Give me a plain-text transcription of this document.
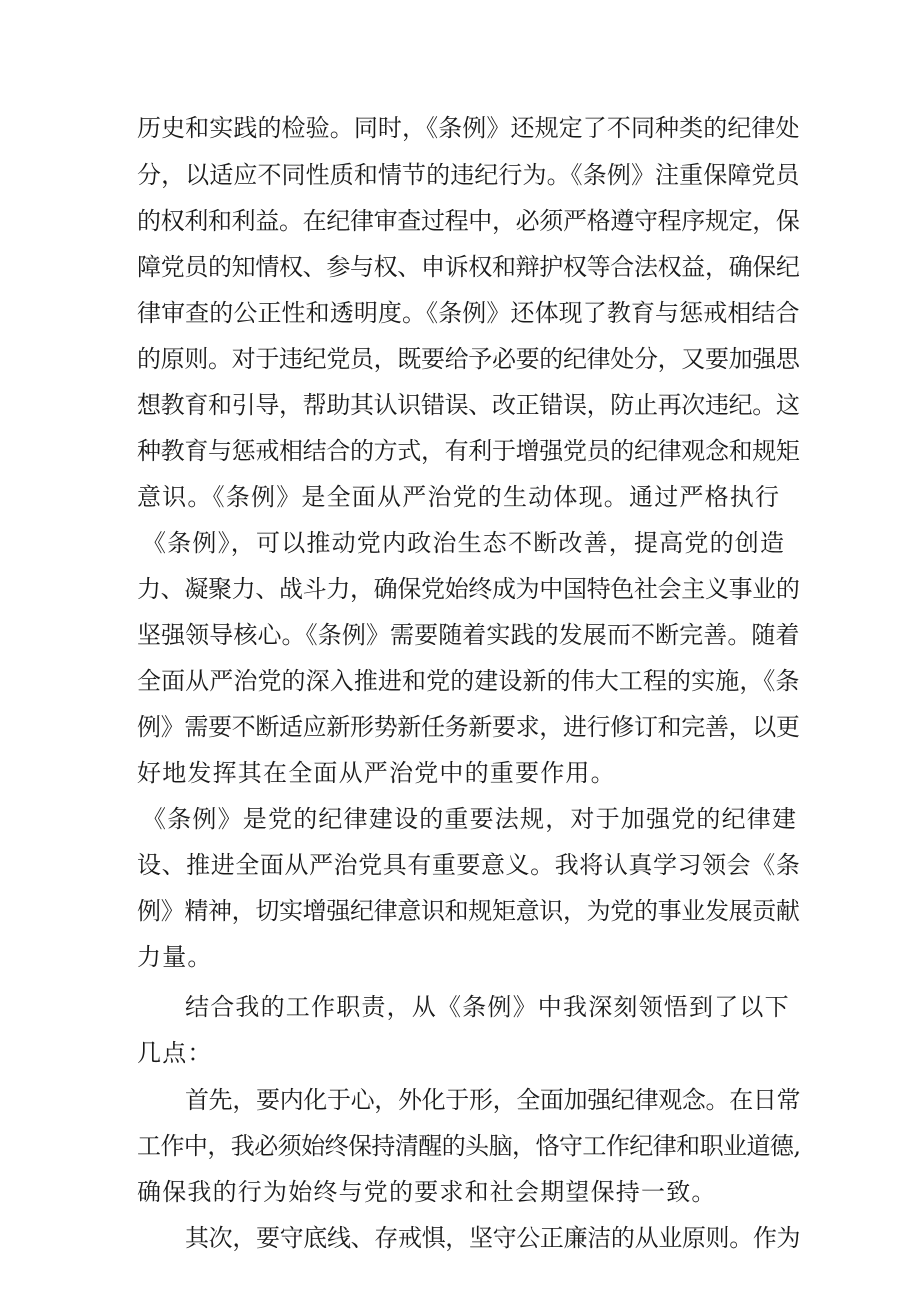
历史和实践的检验。同时，《条例》还规定了不同种类的纪律处
分，以适应不同性质和情节的违纪行为。《条例》注重保障党员
的权利和利益。在纪律审查过程中，必须严格遵守程序规定，保
障党员的知情权、参与权、申诉权和辩护权等合法权益，确保纪
律审查的公正性和透明度。《条例》还体现了教育与惩戒相结合
的原则。对于违纪党员，既要给予必要的纪律处分，又要加强思
想教育和引导，帮助其认识错误、改正错误，防止再次违纪。这
种教育与惩戒相结合的方式，有利于增强党员的纪律观念和规矩
意识。《条例》是全面从严治党的生动体现。通过严格执行
《条例》，可以推动党内政治生态不断改善，提高党的创造
力、凝聚力、战斗力，确保党始终成为中国特色社会主义事业的
坚强领导核心。《条例》需要随着实践的发展而不断完善。随着
全面从严治党的深入推进和党的建设新的伟大工程的实施，《条
例》需要不断适应新形势新任务新要求，进行修订和完善，以更
好地发挥其在全面从严治党中的重要作用。
《条例》是党的纪律建设的重要法规，对于加强党的纪律建
设、推进全面从严治党具有重要意义。我将认真学习领会《条
例》精神，切实增强纪律意识和规矩意识，为党的事业发展贡献
力量。
结合我的工作职责，从《条例》中我深刻领悟到了以下
几点：
首先，要内化于心，外化于形，全面加强纪律观念。在日常
工作中，我必须始终保持清醒的头脑，恪守工作纪律和职业道德,
确保我的行为始终与党的要求和社会期望保持一致。
其次，要守底线、存戒惧，坚守公正廉洁的从业原则。作为
